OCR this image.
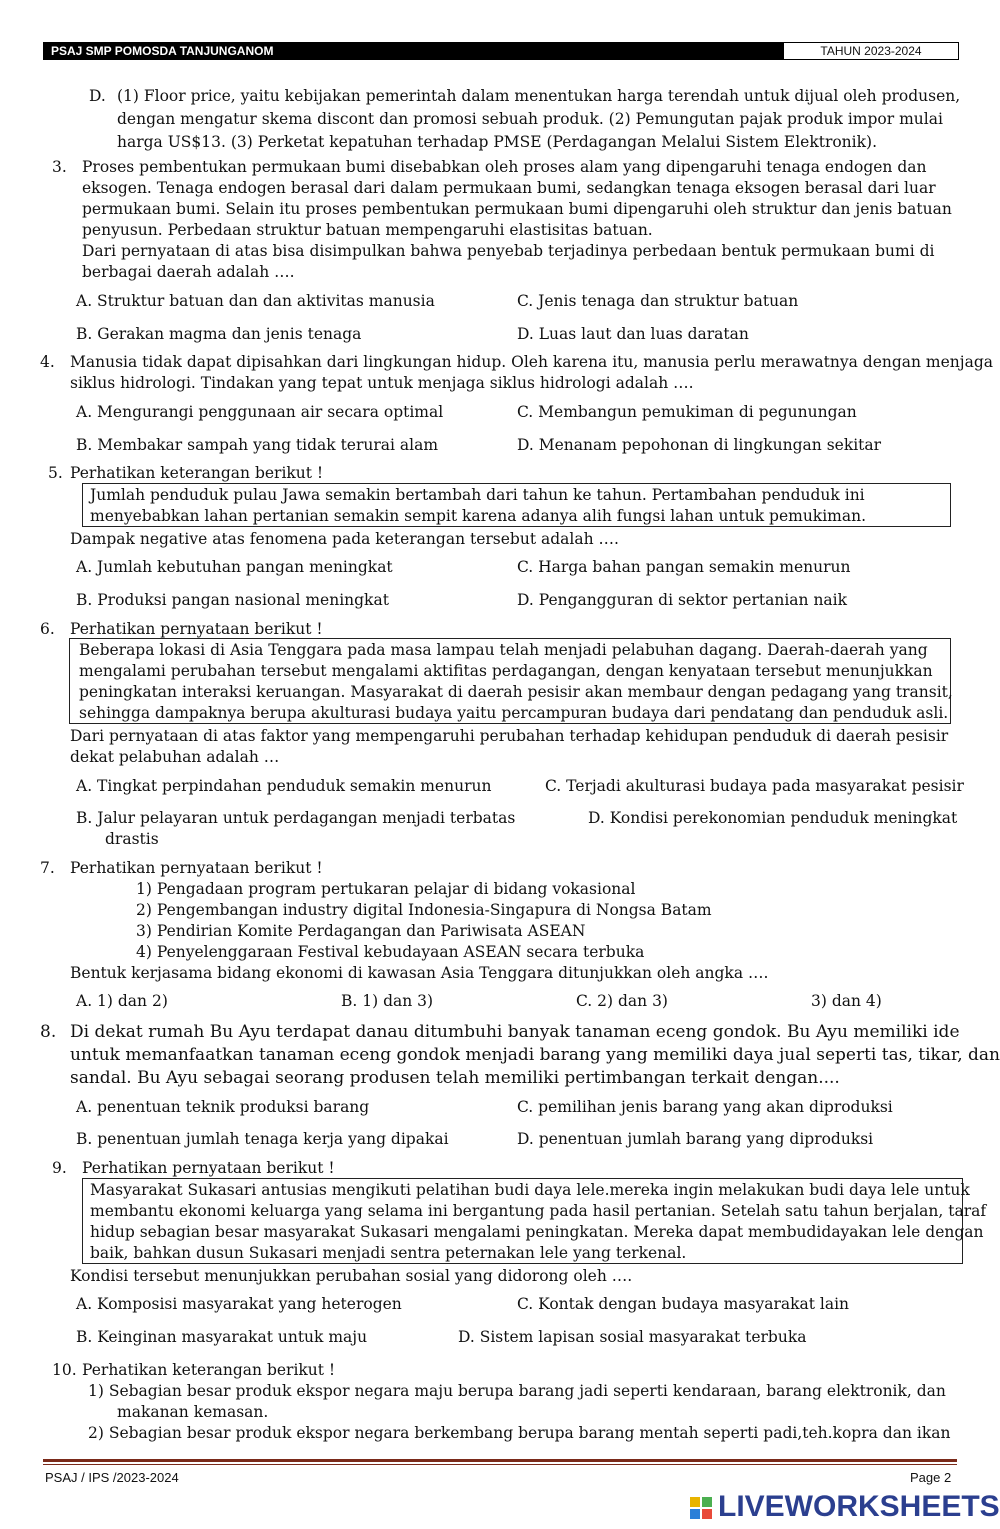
PSAJ SMP POMOSDA TANJUNGANOM	TAHUN 2023-2024
D. (1) Floor price, yaitu kebijakan pemerintah dalam menentukan harga terendah untuk dijual oleh produsen,
dengan mengatur skema discont dan promosi sebuah produk. (2) Pemungutan pajak produk impor mulai
harga US$13. (3) Perketat kepatuhan terhadap PMSE (Perdagangan Melalui Sistem Elektronik).
3. Proses pembentukan permukaan bumi disebabkan oleh proses alam yang dipengaruhi tenaga endogen dan
eksogen. Tenaga endogen berasal dari dalam permukaan bumi, sedangkan tenaga eksogen berasal dari luar
permukaan bumi. Selain itu proses pembentukan permukaan bumi dipengaruhi oleh struktur dan jenis batuan
penyusun. Perbedaan struktur batuan mempengaruhi elastisitas batuan.
Dari pernyataan di atas bisa disimpulkan bahwa penyebab terjadinya perbedaan bentuk permukaan bumi di
berbagai daerah adalah ….
A. Struktur batuan dan dan aktivitas manusia	C. Jenis tenaga dan struktur batuan
B. Gerakan magma dan jenis tenaga	D. Luas laut dan luas daratan
4. Manusia tidak dapat dipisahkan dari lingkungan hidup. Oleh karena itu, manusia perlu merawatnya dengan menjaga
siklus hidrologi. Tindakan yang tepat untuk menjaga siklus hidrologi adalah ….
A. Mengurangi penggunaan air secara optimal	C. Membangun pemukiman di pegunungan
B. Membakar sampah yang tidak terurai alam	D. Menanam pepohonan di lingkungan sekitar
5. Perhatikan keterangan berikut !
Jumlah penduduk pulau Jawa semakin bertambah dari tahun ke tahun. Pertambahan penduduk ini
menyebabkan lahan pertanian semakin sempit karena adanya alih fungsi lahan untuk pemukiman.
Dampak negative atas fenomena pada keterangan tersebut adalah ….
A. Jumlah kebutuhan pangan meningkat	C. Harga bahan pangan semakin menurun
B. Produksi pangan nasional meningkat	D. Pengangguran di sektor pertanian naik
6. Perhatikan pernyataan berikut !
Beberapa lokasi di Asia Tenggara pada masa lampau telah menjadi pelabuhan dagang. Daerah-daerah yang
mengalami perubahan tersebut mengalami aktifitas perdagangan, dengan kenyataan tersebut menunjukkan
peningkatan interaksi keruangan. Masyarakat di daerah pesisir akan membaur dengan pedagang yang transit,
sehingga dampaknya berupa akulturasi budaya yaitu percampuran budaya dari pendatang dan penduduk asli.
Dari pernyataan di atas faktor yang mempengaruhi perubahan terhadap kehidupan penduduk di daerah pesisir
dekat pelabuhan adalah …
A. Tingkat perpindahan penduduk semakin menurun	C. Terjadi akulturasi budaya pada masyarakat pesisir
B. Jalur pelayaran untuk perdagangan menjadi terbatas	D. Kondisi perekonomian penduduk meningkat
drastis
7. Perhatikan pernyataan berikut !
1) Pengadaan program pertukaran pelajar di bidang vokasional
2) Pengembangan industry digital Indonesia-Singapura di Nongsa Batam
3) Pendirian Komite Perdagangan dan Pariwisata ASEAN
4) Penyelenggaraan Festival kebudayaan ASEAN secara terbuka
Bentuk kerjasama bidang ekonomi di kawasan Asia Tenggara ditunjukkan oleh angka ….
A. 1) dan 2)	B. 1) dan 3)	C. 2) dan 3)	3) dan 4)
8. Di dekat rumah Bu Ayu terdapat danau ditumbuhi banyak tanaman eceng gondok. Bu Ayu memiliki ide
untuk memanfaatkan tanaman eceng gondok menjadi barang yang memiliki daya jual seperti tas, tikar, dan
sandal. Bu Ayu sebagai seorang produsen telah memiliki pertimbangan terkait dengan....
A. penentuan teknik produksi barang	C. pemilihan jenis barang yang akan diproduksi
B. penentuan jumlah tenaga kerja yang dipakai	D. penentuan jumlah barang yang diproduksi
9. Perhatikan pernyataan berikut !
Masyarakat Sukasari antusias mengikuti pelatihan budi daya lele.mereka ingin melakukan budi daya lele untuk
membantu ekonomi keluarga yang selama ini bergantung pada hasil pertanian. Setelah satu tahun berjalan, taraf
hidup sebagian besar masyarakat Sukasari mengalami peningkatan. Mereka dapat membudidayakan lele dengan
baik, bahkan dusun Sukasari menjadi sentra peternakan lele yang terkenal.
Kondisi tersebut menunjukkan perubahan sosial yang didorong oleh ….
A. Komposisi masyarakat yang heterogen	C. Kontak dengan budaya masyarakat lain
B. Keinginan masyarakat untuk maju	D. Sistem lapisan sosial masyarakat terbuka
10. Perhatikan keterangan berikut !
1) Sebagian besar produk ekspor negara maju berupa barang jadi seperti kendaraan, barang elektronik, dan
makanan kemasan.
2) Sebagian besar produk ekspor negara berkembang berupa barang mentah seperti padi,teh.kopra dan ikan
PSAJ / IPS /2023-2024	Page 2
LIVEWORKSHEETS
